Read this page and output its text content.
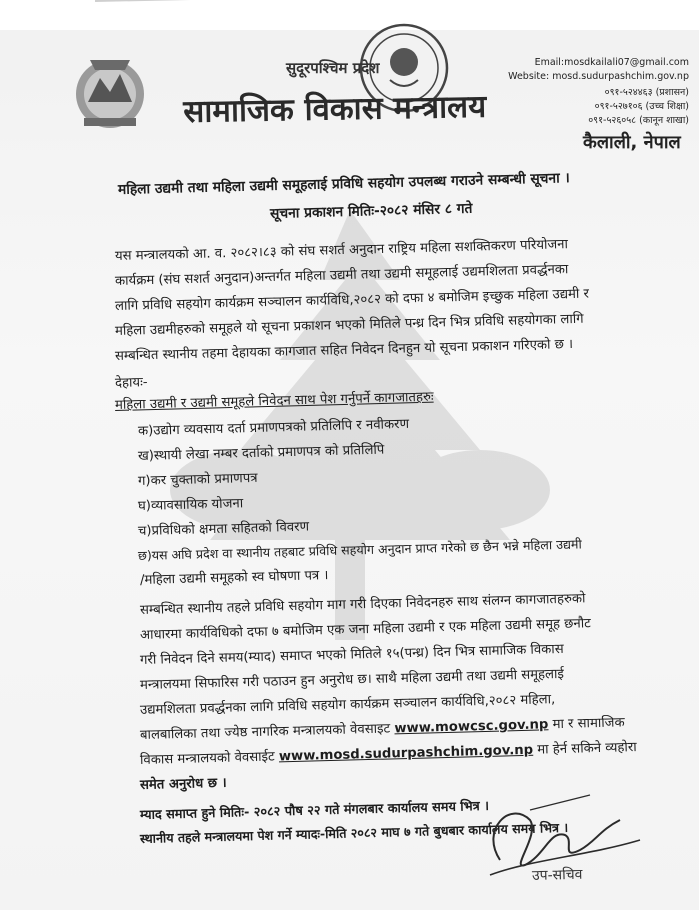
Email:mosdkailali07@gmail.com
Website: mosd.sudurpashchim.gov.np
०९१-५२४४६३ (प्रशासन)
०९१-५२७१०६ (उच्च शिक्षा)
०९१-५२६०५८ (कानून शाखा)
सुदूरपश्चिम प्रदेश
सामाजिक विकास मन्त्रालय
कैलाली, नेपाल
महिला उद्यमी तथा महिला उद्यमी समूहलाई प्रविधि सहयोग उपलब्ध गराउने सम्बन्धी सूचना ।
सूचना प्रकाशन मितिः-२०८२ मंसिर ८ गते
यस मन्त्रालयको आ. व. २०८२।८३ को संघ सशर्त अनुदान राष्ट्रिय महिला सशक्तिकरण परियोजना
कार्यक्रम (संघ सशर्त अनुदान)अन्तर्गत महिला उद्यमी तथा उद्यमी समूहलाई उद्यमशिलता प्रवर्द्धनका
लागि प्रविधि सहयोग कार्यक्रम सञ्चालन कार्यविधि,२०८२ को दफा ४ बमोजिम इच्छुक महिला उद्यमी र
महिला उद्यमीहरुको समूहले यो सूचना प्रकाशन भएको मितिले पन्ध्र दिन भित्र प्रविधि सहयोगका लागि
सम्बन्धित स्थानीय तहमा देहायका कागजात सहित निवेदन दिनहुन यो सूचना प्रकाशन गरिएको छ ।
देहायः-
महिला उद्यमी र उद्यमी समूहले निवेदन साथ पेश गर्नुपर्ने कागजातहरुः
क)उद्योग व्यवसाय दर्ता प्रमाणपत्रको प्रतिलिपि र नवीकरण
ख)स्थायी लेखा नम्बर दर्ताको प्रमाणपत्र को प्रतिलिपि
ग)कर चुक्ताको प्रमाणपत्र
घ)व्यावसायिक योजना
च)प्रविधिको क्षमता सहितको विवरण
छ)यस अघि प्रदेश वा स्थानीय तहबाट प्रविधि सहयोग अनुदान प्राप्त गरेको छ छैन भन्ने महिला उद्यमी
/महिला उद्यमी समूहको स्व घोषणा पत्र ।
सम्बन्धित स्थानीय तहले प्रविधि सहयोग माग गरी दिएका निवेदनहरु साथ संलग्न कागजातहरुको
आधारमा कार्यविधिको दफा ७ बमोजिम एक जना महिला उद्यमी र एक महिला उद्यमी समूह छनौट
गरी निवेदन दिने समय(म्याद) समाप्त भएको मितिले १५(पन्ध्र) दिन भित्र सामाजिक विकास
मन्त्रालयमा सिफारिस गरी पठाउन हुन अनुरोध छ। साथै महिला उद्यमी तथा उद्यमी समूहलाई
उद्यमशिलता प्रवर्द्धनका लागि प्रविधि सहयोग कार्यक्रम सञ्चालन कार्यविधि,२०८२ महिला,
बालबालिका तथा ज्येष्ठ नागरिक मन्त्रालयको वेवसाइट www.mowcsc.gov.np मा र सामाजिक
विकास मन्त्रालयको वेवसाईट www.mosd.sudurpashchim.gov.np मा हेर्न सकिने व्यहोरा
समेत अनुरोध छ ।
म्याद समाप्त हुने मितिः- २०८२ पौष २२ गते मंगलबार कार्यालय समय भित्र ।
स्थानीय तहले मन्त्रालयमा पेश गर्ने म्यादः-मिति २०८२ माघ ७ गते बुधबार कार्यालय समय भित्र ।
उप-सचिव
